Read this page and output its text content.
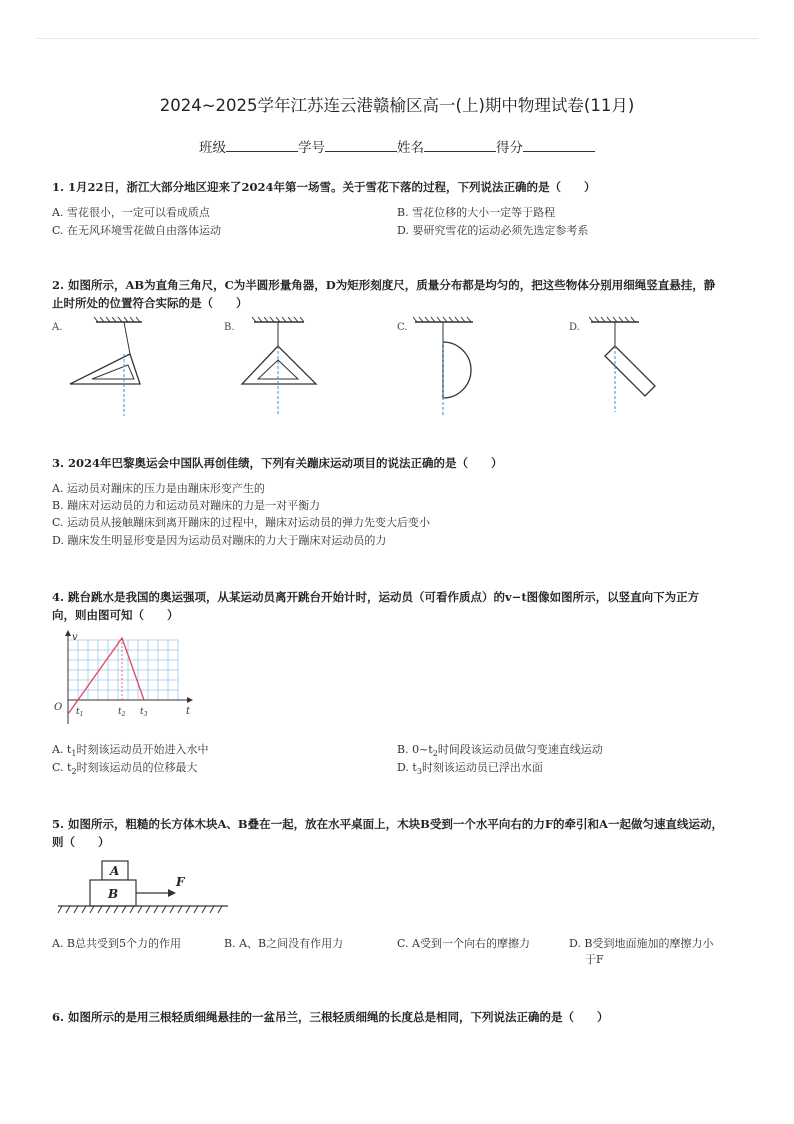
2024~2025学年江苏连云港赣榆区高一(上)期中物理试卷(11月)
班级	学号	姓名	得分
1. 1月22日，浙江大部分地区迎来了2024年第一场雪。关于雪花下落的过程，下列说法正确的是（　　）
A. 雪花很小，一定可以看成质点	B. 雪花位移的大小一定等于路程
C. 在无风环境雪花做自由落体运动	D. 要研究雪花的运动必须先选定参考系
2. 如图所示，AB为直角三角尺，C为半圆形量角器，D为矩形刻度尺，质量分布都是均匀的，把这些物体分别用细绳竖直悬挂，静
止时所处的位置符合实际的是（　　）
A.	B.	C.	D.
3. 2024年巴黎奥运会中国队再创佳绩，下列有关蹦床运动项目的说法正确的是（　　）
A. 运动员对蹦床的压力是由蹦床形变产生的
B. 蹦床对运动员的力和运动员对蹦床的力是一对平衡力
C. 运动员从接触蹦床到离开蹦床的过程中，蹦床对运动员的弹力先变大后变小
D. 蹦床发生明显形变是因为运动员对蹦床的力大于蹦床对运动员的力
4. 跳台跳水是我国的奥运强项，从某运动员离开跳台开始计时，运动员（可看作质点）的v−t图像如图所示，以竖直向下为正方
向，则由图可知（　　）
v
O	t
$t_1$	$t_2$ $t_3$
A. $t_1$时刻该运动员开始进入水中	B. $0\sim t_2$时间段该运动员做匀变速直线运动
C. $t_2$时刻该运动员的位移最大	D. $t_3$时刻该运动员已浮出水面
5. 如图所示，粗糙的长方体木块A、B叠在一起，放在水平桌面上，木块B受到一个水平向右的力F的牵引和A一起做匀速直线运动，
则（　　）
A
B
F
A. B总共受到5个力的作用	B. A、B之间没有作用力	C. A受到一个向右的摩擦力	D. B受到地面施加的摩擦力小
于F
6. 如图所示的是用三根轻质细绳悬挂的一盆吊兰，三根轻质细绳的长度总是相同，下列说法正确的是（　　）
